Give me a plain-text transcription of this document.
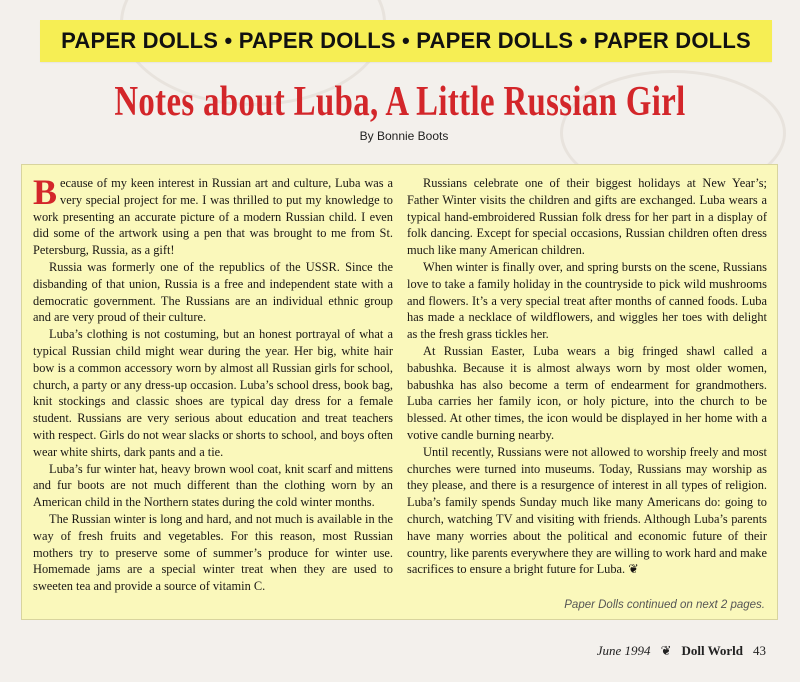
PAPER DOLLS • PAPER DOLLS • PAPER DOLLS • PAPER DOLLS
Notes about Luba, A Little Russian Girl
By Bonnie Boots

Because of my keen interest in Russian art and culture, Luba was a very special project for me. I was thrilled to put my knowledge to work presenting an accurate picture of a modern Russian child. I even did some of the artwork using a pen that was brought to me from St. Petersburg, Russia, as a gift!

Russia was formerly one of the republics of the USSR. Since the disbanding of that union, Russia is a free and independent state with a democratic government. The Russians are an individual ethnic group and are very proud of their culture.

Luba’s clothing is not costuming, but an honest portrayal of what a typical Russian child might wear during the year. Her big, white hair bow is a common accessory worn by almost all Russian girls for school, church, a party or any dress-up occasion. Luba’s school dress, book bag, knit stockings and classic shoes are typical day dress for a female student. Russians are very serious about education and treat teachers with respect. Girls do not wear slacks or shorts to school, and boys often wear white shirts, dark pants and a tie.

Luba’s fur winter hat, heavy brown wool coat, knit scarf and mittens and fur boots are not much different than the clothing worn by an American child in the Northern states during the cold winter months.

The Russian winter is long and hard, and not much is available in the way of fresh fruits and vegetables. For this reason, most Russian mothers try to preserve some of summer’s produce for winter use. Homemade jams are a special winter treat when they are used to sweeten tea and provide a source of vitamin C.

Russians celebrate one of their biggest holidays at New Year’s; Father Winter visits the children and gifts are exchanged. Luba wears a typical hand-embroidered Russian folk dress for her part in a display of folk dancing. Except for special occasions, Russian children often dress much like many American children.

When winter is finally over, and spring bursts on the scene, Russians love to take a family holiday in the countryside to pick wild mushrooms and flowers. It’s a very special treat after months of canned foods. Luba has made a necklace of wildflowers, and wiggles her toes with delight as the fresh grass tickles her.

At Russian Easter, Luba wears a big fringed shawl called a babushka. Because it is almost always worn by most older women, babushka has also become a term of endearment for grandmothers. Luba carries her family icon, or holy picture, into the church to be blessed. At other times, the icon would be displayed in her home with a votive candle burning nearby.

Until recently, Russians were not allowed to worship freely and most churches were turned into museums. Today, Russians may worship as they please, and there is a resurgence of interest in all types of religion. Luba’s family spends Sunday much like many Americans do: going to church, watching TV and visiting with friends. Although Luba’s parents have many worries about the political and economic future of their country, like parents everywhere they are willing to work hard and make sacrifices to ensure a bright future for Luba. ❦

Paper Dolls continued on next 2 pages.
June 1994 ❦ Doll World 43
